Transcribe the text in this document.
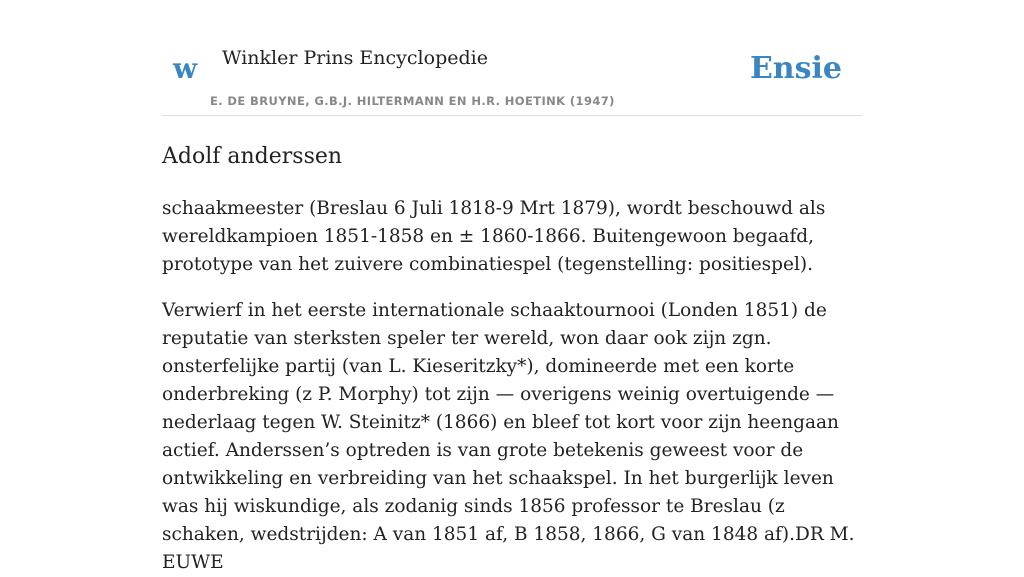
w Winkler Prins Encyclopedie
E. DE BRUYNE, G.B.J. HILTERMANN EN H.R. HOETINK (1947)
Ensie
Adolf anderssen

schaakmeester (Breslau 6 Juli 1818-9 Mrt 1879), wordt beschouwd als wereldkampioen 1851-1858 en ± 1860-1866. Buitengewoon begaafd, prototype van het zuivere combinatiespel (tegenstelling: positiespel).

Verwierf in het eerste internationale schaaktournooi (Londen 1851) de reputatie van sterksten speler ter wereld, won daar ook zijn zgn. onsterfelijke partij (van L. Kieseritzky*), domineerde met een korte onderbreking (z P. Morphy) tot zijn — overigens weinig overtuigende — nederlaag tegen W. Steinitz* (1866) en bleef tot kort voor zijn heengaan actief. Anderssen’s optreden is van grote betekenis geweest voor de ontwikkeling en verbreiding van het schaakspel. In het burgerlijk leven was hij wiskundige, als zodanig sinds 1856 professor te Breslau (z schaken, wedstrijden: A van 1851 af, B 1858, 1866, G van 1848 af).DR M. EUWE
